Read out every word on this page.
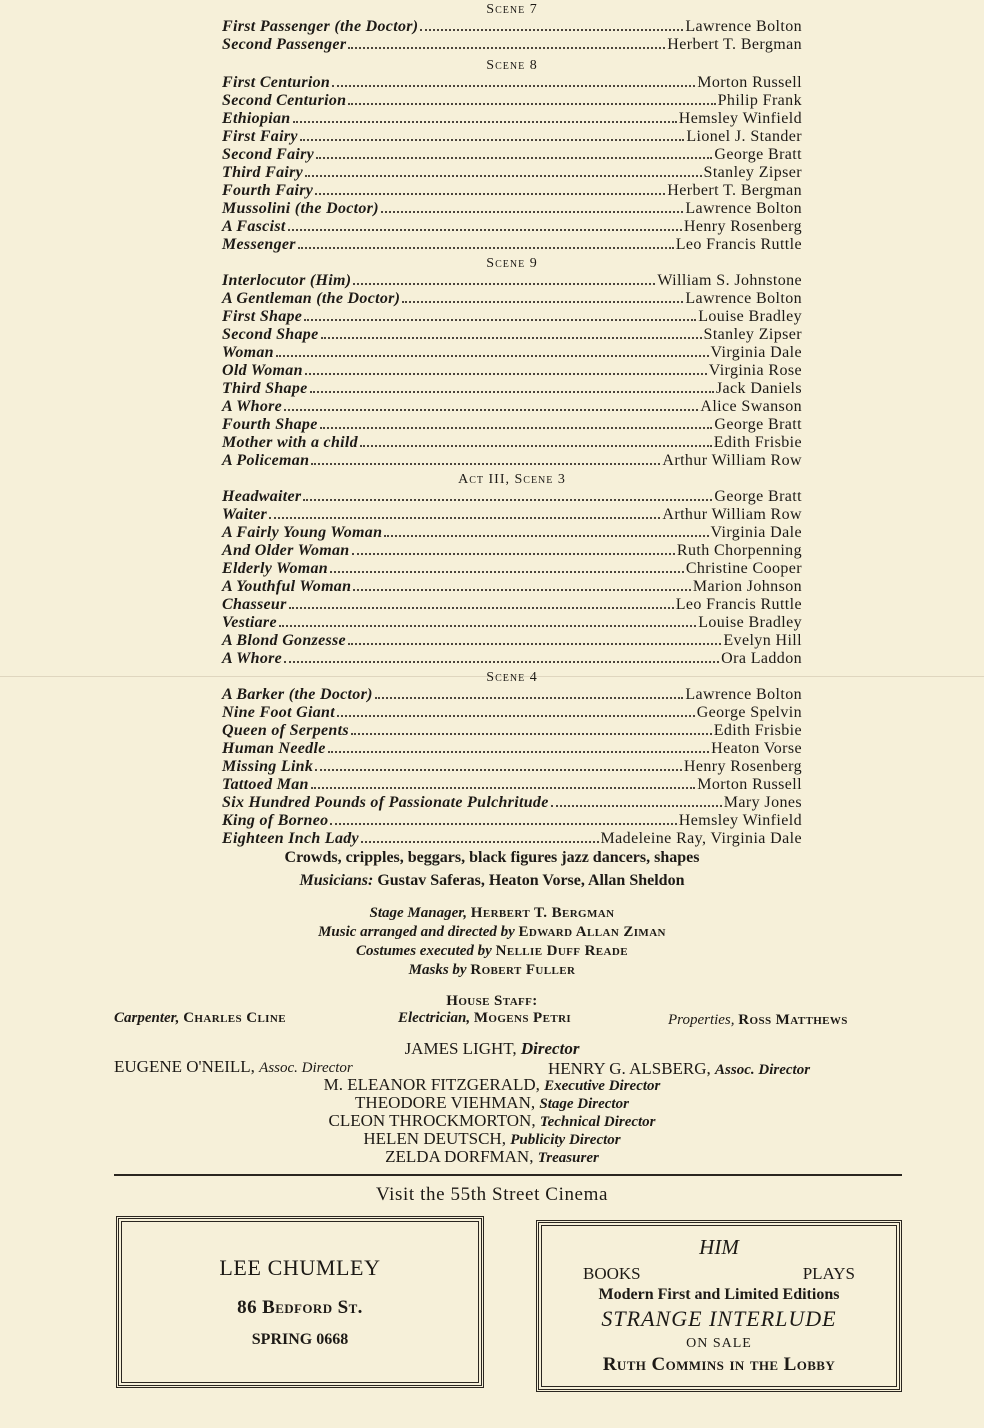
Scene 7
First Passenger (the Doctor)	Lawrence Bolton
Second Passenger	Herbert T. Bergman
Scene 8
First Centurion	Morton Russell
Second Centurion	Philip Frank
Ethiopian	Hemsley Winfield
First Fairy	Lionel J. Stander
Second Fairy	George Bratt
Third Fairy	Stanley Zipser
Fourth Fairy	Herbert T. Bergman
Mussolini (the Doctor)	Lawrence Bolton
A Fascist	Henry Rosenberg
Messenger	Leo Francis Ruttle
Scene 9
Interlocutor (Him)	William S. Johnstone
A Gentleman (the Doctor)	Lawrence Bolton
First Shape	Louise Bradley
Second Shape	Stanley Zipser
Woman	Virginia Dale
Old Woman	Virginia Rose
Third Shape	Jack Daniels
A Whore	Alice Swanson
Fourth Shape	George Bratt
Mother with a child	Edith Frisbie
A Policeman	Arthur William Row
Act III, Scene 3
Headwaiter	George Bratt
Waiter	Arthur William Row
A Fairly Young Woman	Virginia Dale
And Older Woman	Ruth Chorpenning
Elderly Woman	Christine Cooper
A Youthful Woman	Marion Johnson
Chasseur	Leo Francis Ruttle
Vestiare	Louise Bradley
A Blond Gonzesse	Evelyn Hill
A Whore	Ora Laddon
Scene 4
A Barker (the Doctor)	Lawrence Bolton
Nine Foot Giant	George Spelvin
Queen of Serpents	Edith Frisbie
Human Needle	Heaton Vorse
Missing Link	Henry Rosenberg
Tattoed Man	Morton Russell
Six Hundred Pounds of Passionate Pulchritude	Mary Jones
King of Borneo	Hemsley Winfield
Eighteen Inch Lady	Madeleine Ray, Virginia Dale
Crowds, cripples, beggars, black figures jazz dancers, shapes
Musicians: Gustav Saferas, Heaton Vorse, Allan Sheldon
Stage Manager, Herbert T. Bergman
Music arranged and directed by Edward Allan Ziman
Costumes executed by Nellie Duff Reade
Masks by Robert Fuller
House Staff:
Carpenter, Charles Cline	Electrician, Mogens Petri	Properties, Ross Matthews
JAMES LIGHT, Director
EUGENE O'NEILL, Assoc. Director	HENRY G. ALSBERG, Assoc. Director
M. ELEANOR FITZGERALD, Executive Director
THEODORE VIEHMAN, Stage Director
CLEON THROCKMORTON, Technical Director
HELEN DEUTSCH, Publicity Director
ZELDA DORFMAN, Treasurer
Visit the 55th Street Cinema
LEE CHUMLEY
86 Bedford St.
SPRING 0668
HIM
BOOKS	PLAYS
Modern First and Limited Editions
STRANGE INTERLUDE
ON SALE
Ruth Commins in the Lobby
